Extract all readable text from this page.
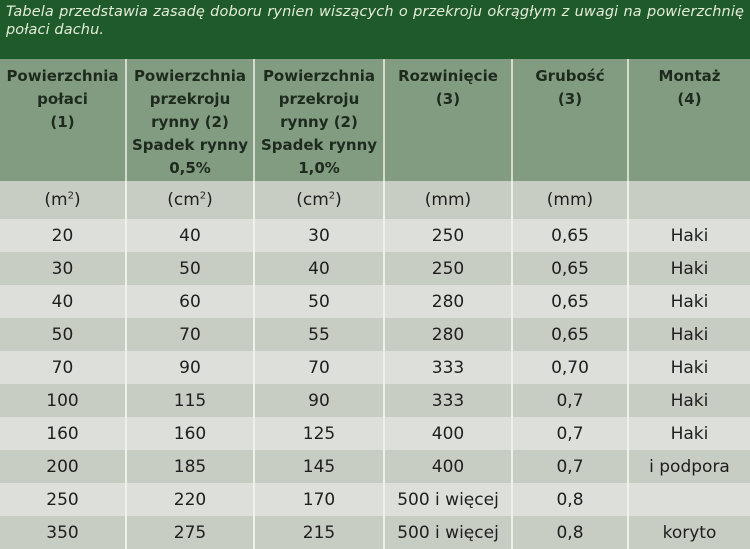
Tabela przedstawia zasadę doboru rynien wiszących o przekroju okrągłym z uwagi na powierzchnię połaci dachu.
Powierzchnia
połaci
(1)	Powierzchnia
przekroju
rynny (2)
Spadek rynny
0,5%	Powierzchnia
przekroju
rynny (2)
Spadek rynny
1,0%	Rozwinięcie
(3)	Grubość
(3)	Montaż
(4)
$(m^2)$	$(cm^2)$	$(cm^2)$	(mm)	(mm)	
20	40	30	250	0,65	Haki
30	50	40	250	0,65	Haki
40	60	50	280	0,65	Haki
50	70	55	280	0,65	Haki
70	90	70	333	0,70	Haki
100	115	90	333	0,7	Haki
160	160	125	400	0,7	Haki
200	185	145	400	0,7	i podpora
250	220	170	500 i więcej	0,8	
350	275	215	500 i więcej	0,8	koryto
